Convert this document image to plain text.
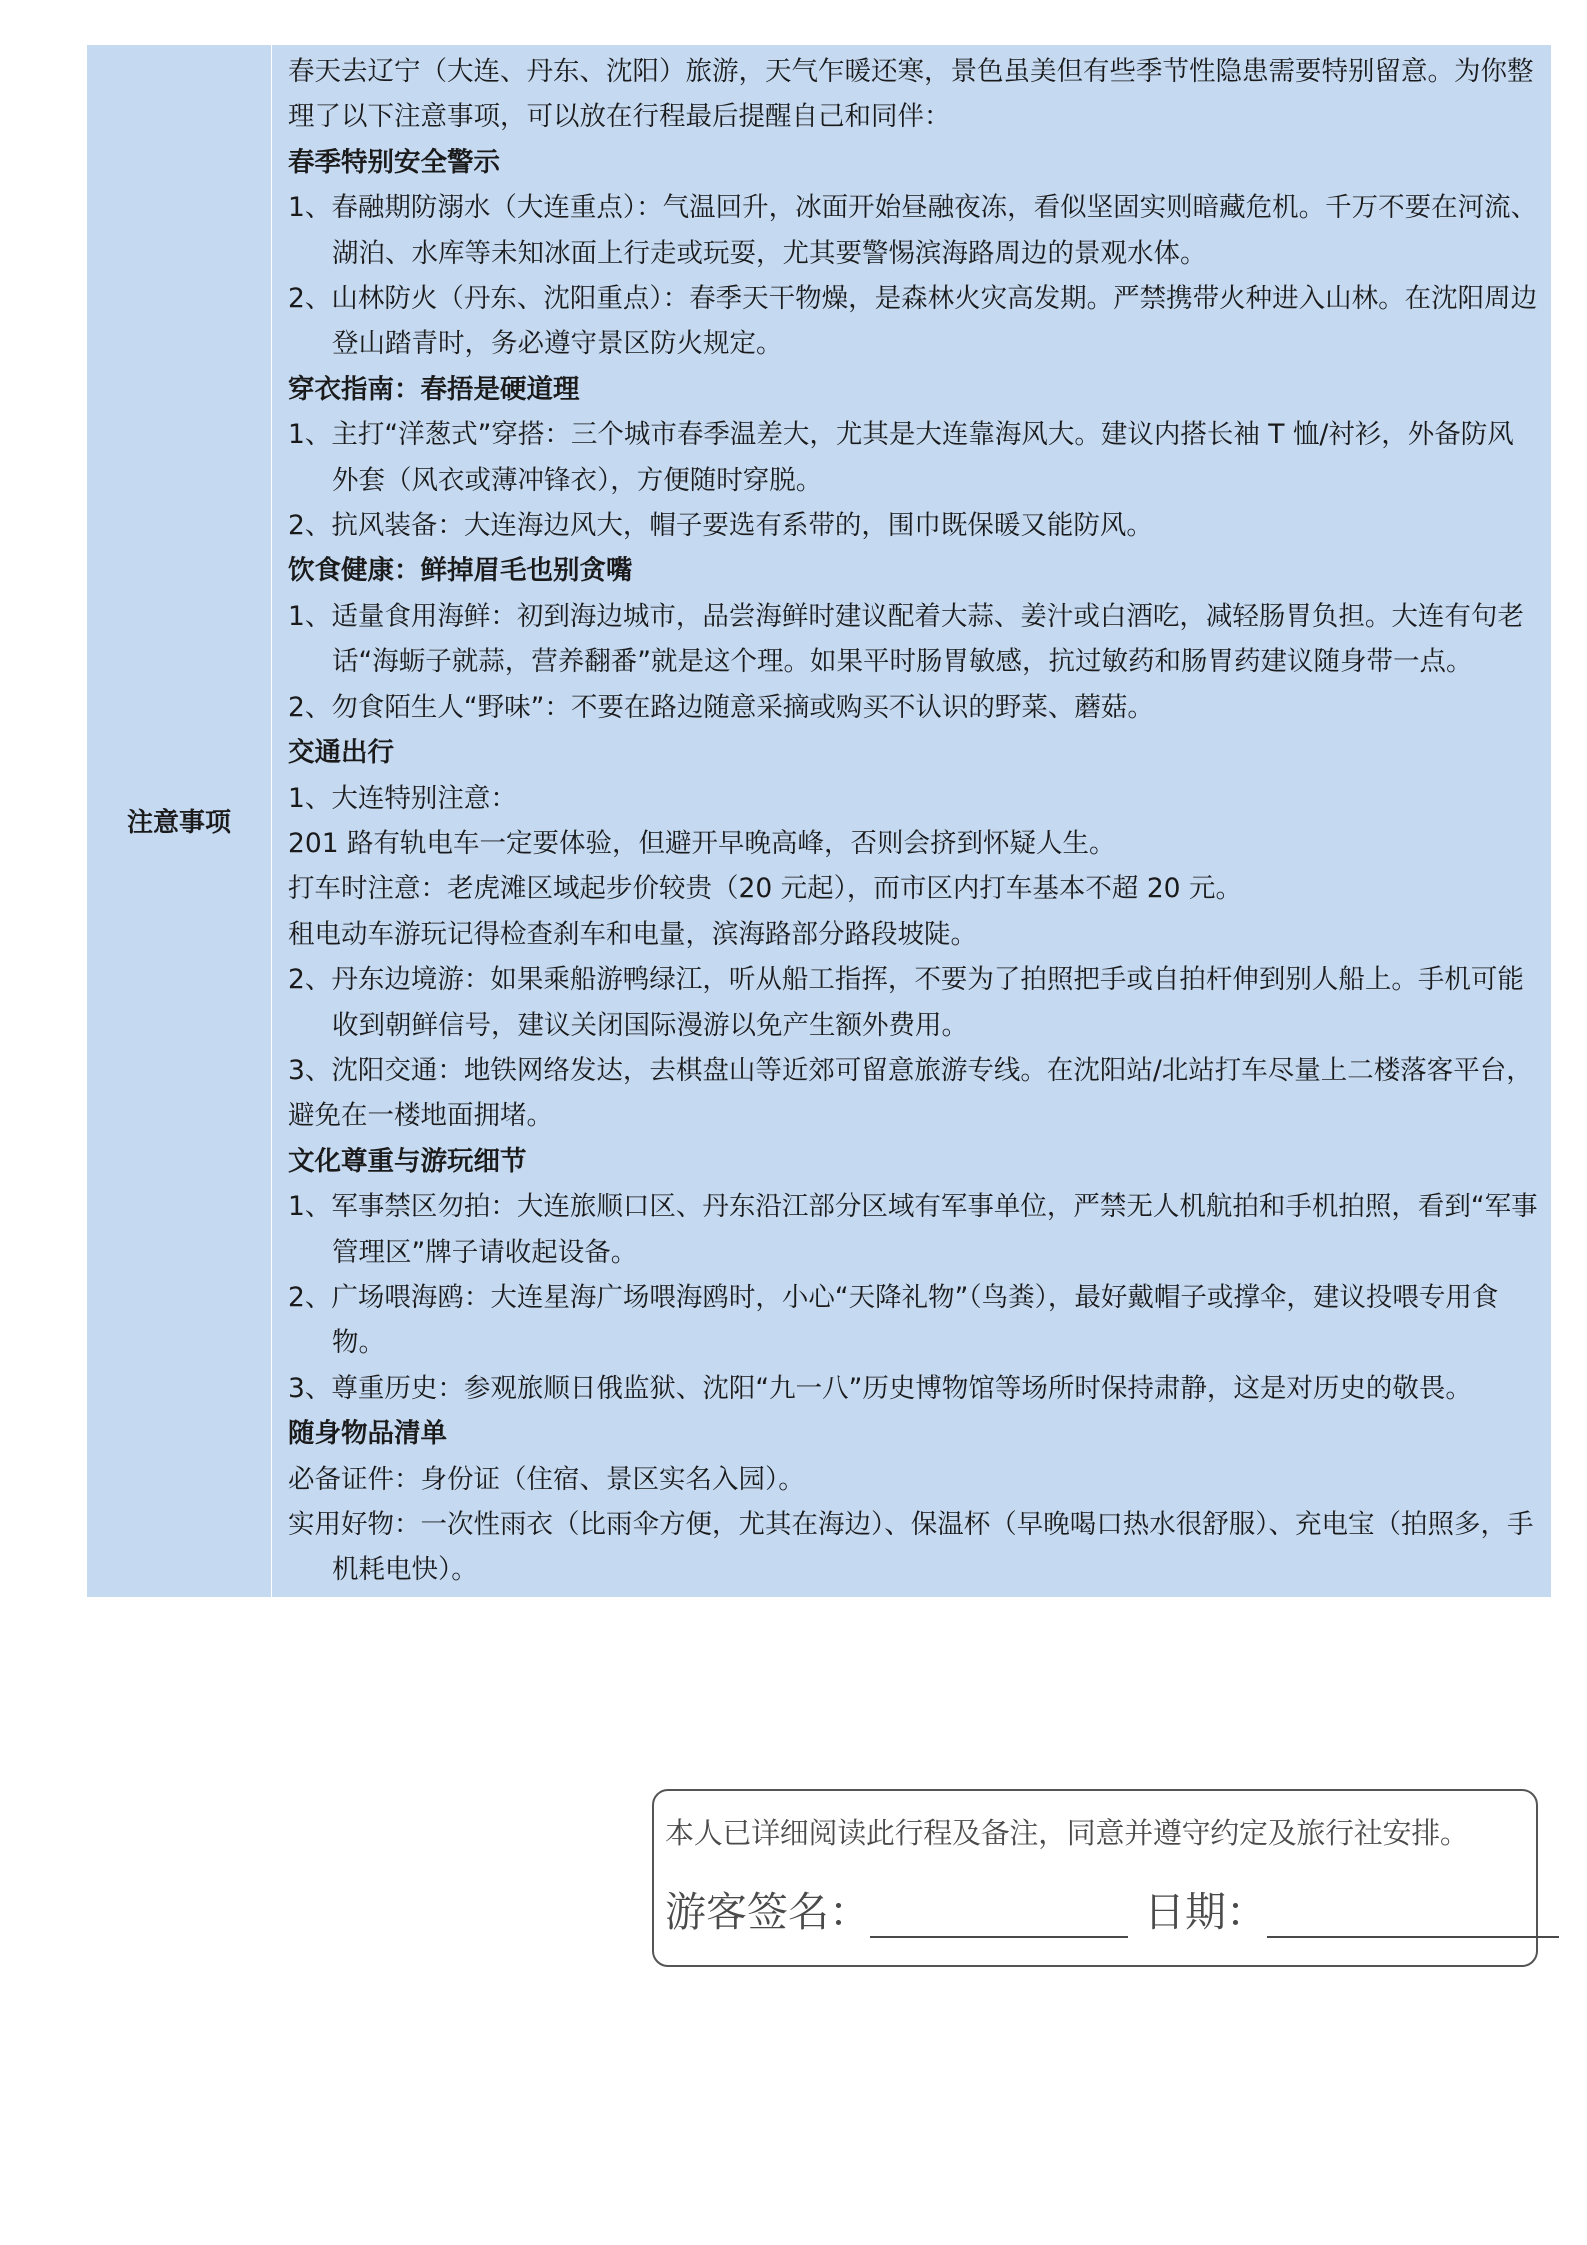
注意事项	

春天去辽宁（大连、丹东、沈阳）旅游，天气乍暖还寒，景色虽美但有些季节性隐患需要特别留意。为你整理了以下注意事项，可以放在行程最后提醒自己和同伴：

春季特别安全警示

1、春融期防溺水（大连重点）：气温回升，冰面开始昼融夜冻，看似坚固实则暗藏危机。千万不要在河流、湖泊、水库等未知冰面上行走或玩耍，尤其要警惕滨海路周边的景观水体。

2、山林防火（丹东、沈阳重点）：春季天干物燥，是森林火灾高发期。严禁携带火种进入山林。在沈阳周边登山踏青时，务必遵守景区防火规定。

穿衣指南：春捂是硬道理

1、主打“洋葱式”穿搭：三个城市春季温差大，尤其是大连靠海风大。建议内搭长袖 T 恤/衬衫，外备防风外套（风衣或薄冲锋衣），方便随时穿脱。

2、抗风装备：大连海边风大，帽子要选有系带的，围巾既保暖又能防风。

饮食健康：鲜掉眉毛也别贪嘴

1、适量食用海鲜：初到海边城市，品尝海鲜时建议配着大蒜、姜汁或白酒吃，减轻肠胃负担。大连有句老话“海蛎子就蒜，营养翻番”就是这个理。如果平时肠胃敏感，抗过敏药和肠胃药建议随身带一点。

2、勿食陌生人“野味”：不要在路边随意采摘或购买不认识的野菜、蘑菇。

交通出行

1、大连特别注意：

201 路有轨电车一定要体验，但避开早晚高峰，否则会挤到怀疑人生。

打车时注意：老虎滩区域起步价较贵（20 元起），而市区内打车基本不超 20 元。

租电动车游玩记得检查刹车和电量，滨海路部分路段坡陡。

2、丹东边境游：如果乘船游鸭绿江，听从船工指挥，不要为了拍照把手或自拍杆伸到别人船上。手机可能收到朝鲜信号，建议关闭国际漫游以免产生额外费用。

3、沈阳交通：地铁网络发达，去棋盘山等近郊可留意旅游专线。在沈阳站/北站打车尽量上二楼落客平台，避免在一楼地面拥堵。

文化尊重与游玩细节

1、军事禁区勿拍：大连旅顺口区、丹东沿江部分区域有军事单位，严禁无人机航拍和手机拍照，看到“军事管理区”牌子请收起设备。

2、广场喂海鸥：大连星海广场喂海鸥时，小心“天降礼物”（鸟粪），最好戴帽子或撑伞，建议投喂专用食物。

3、尊重历史：参观旅顺日俄监狱、沈阳“九一八”历史博物馆等场所时保持肃静，这是对历史的敬畏。

随身物品清单

必备证件：身份证（住宿、景区实名入园）。

实用好物：一次性雨衣（比雨伞方便，尤其在海边）、保温杯（早晚喝口热水很舒服）、充电宝（拍照多，手机耗电快）。

本人已详细阅读此行程及备注，同意并遵守约定及旅行社安排。
游客签名：	日期：
